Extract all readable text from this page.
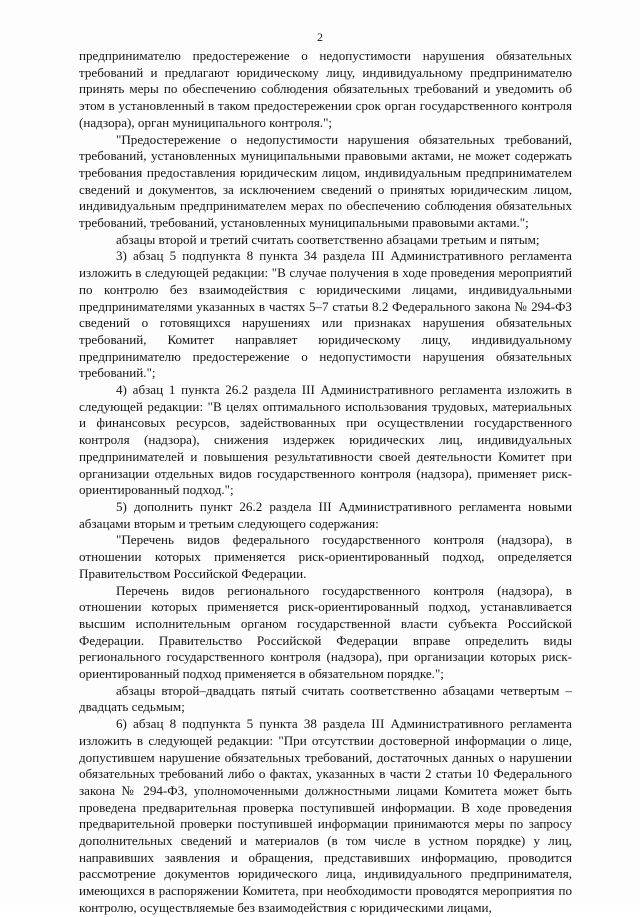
2

предпринимателю предостережение о недопустимости нарушения обязательных требований и предлагают юридическому лицу, индивидуальному предпринимателю принять меры по обеспечению соблюдения обязательных требований и уведомить об этом в установленный в таком предостережении срок орган государственного контроля (надзора), орган муниципального контроля.";

"Предостережение о недопустимости нарушения обязательных требований, требований, установленных муниципальными правовыми актами, не может содержать требования предоставления юридическим лицом, индивидуальным предпринимателем сведений и документов, за исключением сведений о принятых юридическим лицом, индивидуальным предпринимателем мерах по обеспечению соблюдения обязательных требований, требований, установленных муниципальными правовыми актами.";

абзацы второй и третий считать соответственно абзацами третьим и пятым;

3) абзац 5 подпункта 8 пункта 34 раздела III Административного регламента изложить в следующей редакции: "В случае получения в ходе проведения мероприятий по контролю без взаимодействия с юридическими лицами, индивидуальными предпринимателями указанных в частях 5–7 статьи 8.2 Федерального закона № 294-ФЗ сведений о готовящихся нарушениях или признаках нарушения обязательных требований, Комитет направляет юридическому лицу, индивидуальному предпринимателю предостережение о недопустимости нарушения обязательных требований.";

4) абзац 1 пункта 26.2 раздела III Административного регламента изложить в следующей редакции: "В целях оптимального использования трудовых, материальных и финансовых ресурсов, задействованных при осуществлении государственного контроля (надзора), снижения издержек юридических лиц, индивидуальных предпринимателей и повышения результативности своей деятельности Комитет при организации отдельных видов государственного контроля (надзора), применяет риск-ориентированный подход.";

5) дополнить пункт 26.2 раздела III Административного регламента новыми абзацами вторым и третьим следующего содержания:

"Перечень видов федерального государственного контроля (надзора), в отношении которых применяется риск-ориентированный подход, определяется Правительством Российской Федерации.

Перечень видов регионального государственного контроля (надзора), в отношении которых применяется риск-ориентированный подход, устанавливается высшим исполнительным органом государственной власти субъекта Российской Федерации. Правительство Российской Федерации вправе определить виды регионального государственного контроля (надзора), при организации которых риск-ориентированный подход применяется в обязательном порядке.";

абзацы второй–двадцать пятый считать соответственно абзацами четвертым – двадцать седьмым;

6) абзац 8 подпункта 5 пункта 38 раздела III Административного регламента изложить в следующей редакции: "При отсутствии достоверной информации о лице, допустившем нарушение обязательных требований, достаточных данных о нарушении обязательных требований либо о фактах, указанных в части 2 статьи 10 Федерального закона № 294-ФЗ, уполномоченными должностными лицами Комитета может быть проведена предварительная проверка поступившей информации. В ходе проведения предварительной проверки поступившей информации принимаются меры по запросу дополнительных сведений и материалов (в том числе в устном порядке) у лиц, направивших заявления и обращения, представивших информацию, проводится рассмотрение документов юридического лица, индивидуального предпринимателя, имеющихся в распоряжении Комитета, при необходимости проводятся мероприятия по контролю, осуществляемые без взаимодействия с юридическими лицами,
